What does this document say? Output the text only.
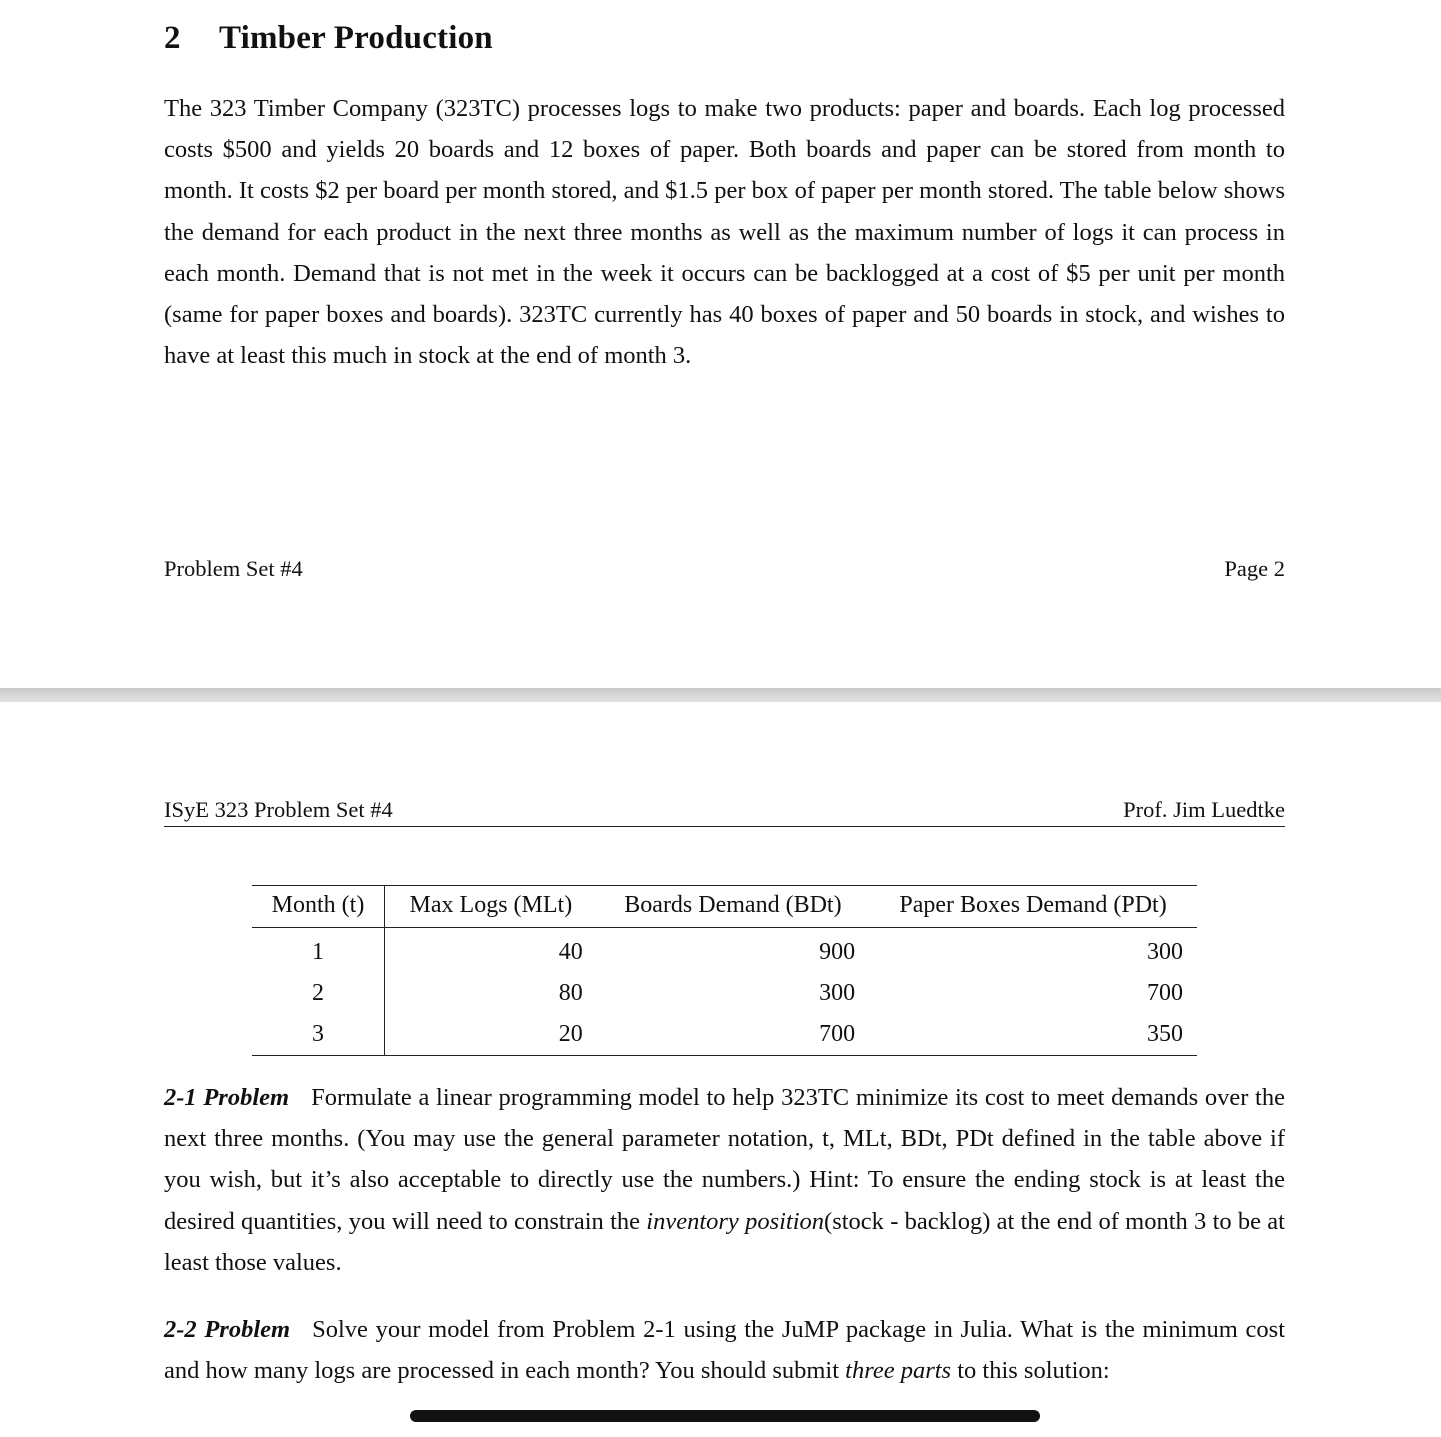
2 Timber Production
The 323 Timber Company (323TC) processes logs to make two products: paper and boards. Each log processed costs $500 and yields 20 boards and 12 boxes of paper. Both boards and paper can be stored from month to month. It costs $2 per board per month stored, and $1.5 per box of paper per month stored. The table below shows the demand for each product in the next three months as well as the maximum number of logs it can process in each month. Demand that is not met in the week it occurs can be backlogged at a cost of $5 per unit per month (same for paper boxes and boards). 323TC currently has 40 boxes of paper and 50 boards in stock, and wishes to have at least this much in stock at the end of month 3.
Problem Set #4	Page 2
ISyE 323 Problem Set #4	Prof. Jim Luedtke
Month (t)	Max Logs (MLt)	Boards Demand (BDt)	Paper Boxes Demand (PDt)
1	40	900	300
2	80	300	700
3	20	700	350
2-1 Problem Formulate a linear programming model to help 323TC minimize its cost to meet demands over the next three months. (You may use the general parameter notation, t, MLt, BDt, PDt defined in the table above if you wish, but it’s also acceptable to directly use the numbers.) Hint: To ensure the ending stock is at least the desired quantities, you will need to constrain the inventory position(stock - backlog) at the end of month 3 to be at least those values.
2-2 Problem Solve your model from Problem 2-1 using the JuMP package in Julia. What is the minimum cost and how many logs are processed in each month? You should submit three parts to this solution:
